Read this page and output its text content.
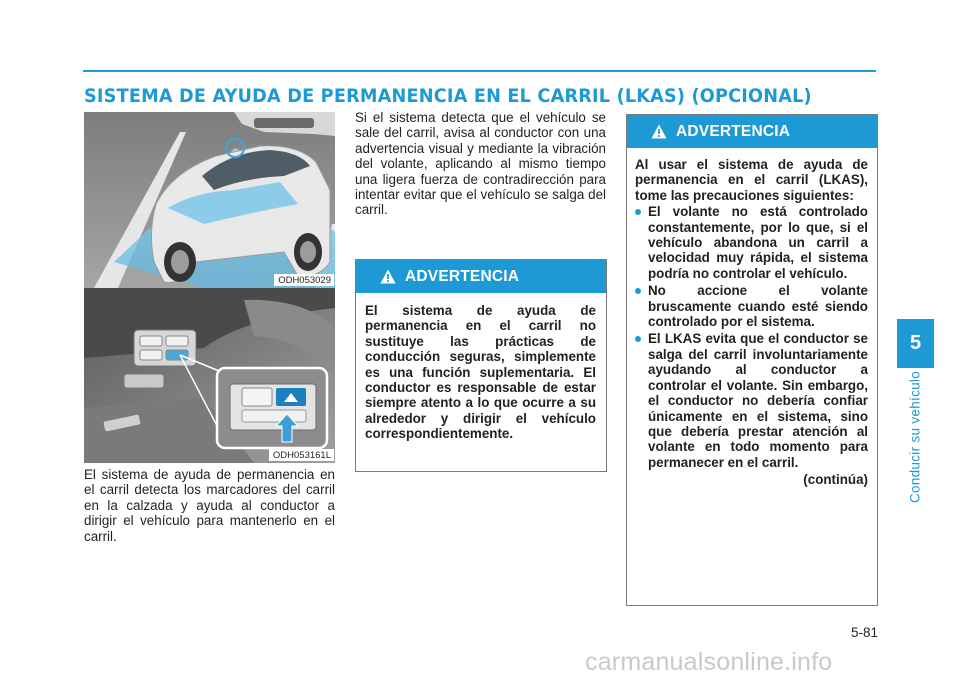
SISTEMA DE AYUDA DE PERMANENCIA EN EL CARRIL (LKAS) (OPCIONAL)
ODH053029
ODH053161L

El sistema de ayuda de permanencia en el carril detecta los marcadores del carril en la calzada y ayuda al conductor a dirigir el vehículo para mantenerlo en el carril.

Si el sistema detecta que el vehículo se sale del carril, avisa al conductor con una advertencia visual y mediante la vibración del volante, aplicando al mismo tiempo una ligera fuerza de contradirección para intentar evitar que el vehículo se salga del carril.

ADVERTENCIA
El sistema de ayuda de permanencia en el carril no sustituye las prácticas de conducción seguras, simplemente es una función suplementaria. El conductor es responsable de estar siempre atento a lo que ocurre a su alrededor y dirigir el vehículo correspondientemente.
ADVERTENCIA

Al usar el sistema de ayuda de permanencia en el carril (LKAS), tome las precauciones siguientes:

El volante no está controlado constantemente, por lo que, si el vehículo abandona un carril a velocidad muy rápida, el sistema podría no controlar el vehículo.
No accione el volante bruscamente cuando esté siendo controlado por el sistema.
El LKAS evita que el conductor se salga del carril involuntariamente ayudando al conductor a controlar el volante. Sin embargo, el conductor no debería confiar únicamente en el sistema, sino que debería prestar atención al volante en todo momento para permanecer en el carril.
(continúa)
5
Conducir su vehículo
5-81
carmanualsonline.info
